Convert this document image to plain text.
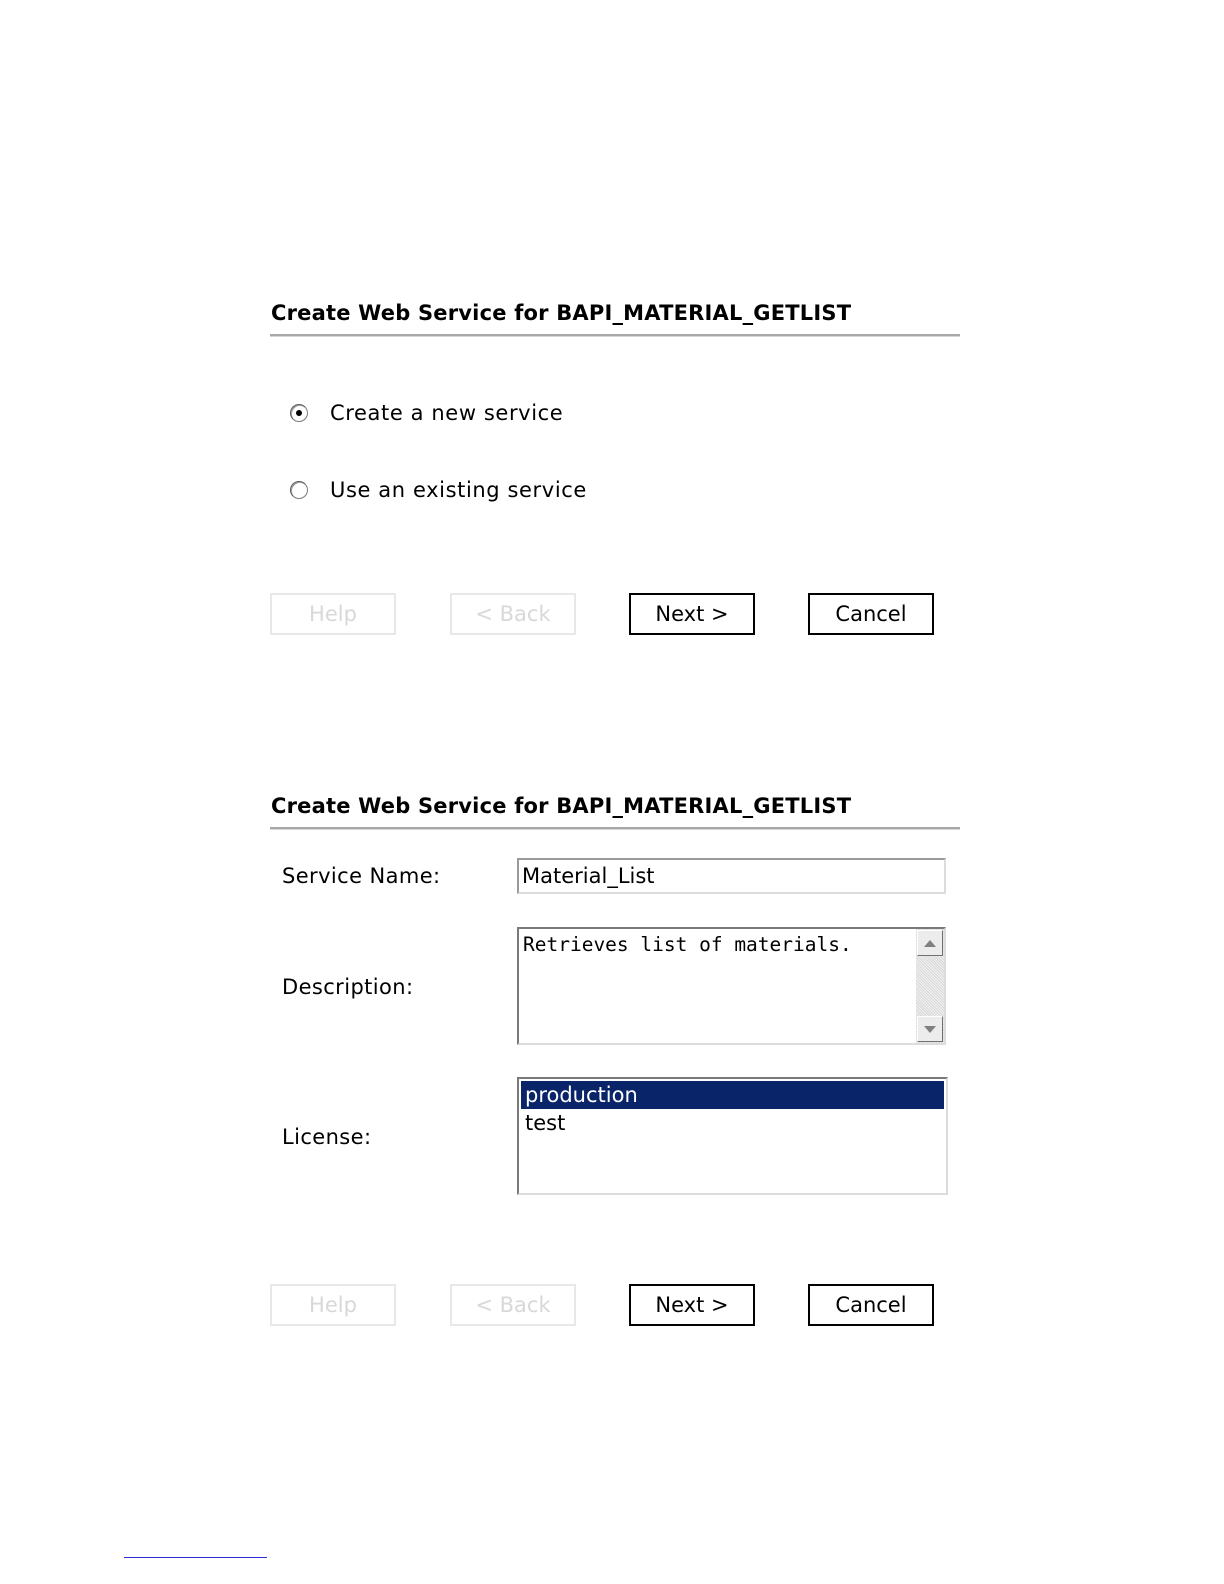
Create Web Service for BAPI_MATERIAL_GETLIST
Create a new service
Use an existing service
Help	< Back	Next >	Cancel
Create Web Service for BAPI_MATERIAL_GETLIST
Service Name:	Material_List
Description:
Retrieves list of materials.
License:
production
test
Help	< Back	Next >	Cancel
